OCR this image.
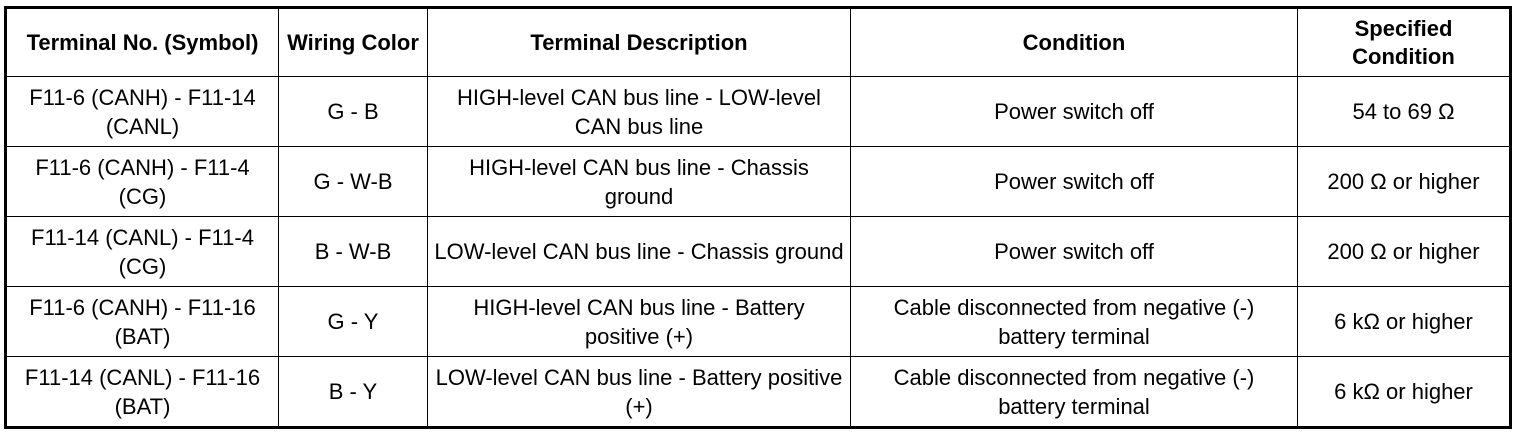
Terminal No. (Symbol)	Wiring Color	Terminal Description	Condition	Specified Condition
F11-6 (CANH) - F11-14 (CANL)	G - B	HIGH-level CAN bus line - LOW-level CAN bus line	Power switch off	54 to 69 Ω
F11-6 (CANH) - F11-4 (CG)	G - W-B	HIGH-level CAN bus line - Chassis ground	Power switch off	200 Ω or higher
F11-14 (CANL) - F11-4 (CG)	B - W-B	LOW-level CAN bus line - Chassis ground	Power switch off	200 Ω or higher
F11-6 (CANH) - F11-16 (BAT)	G - Y	HIGH-level CAN bus line - Battery positive (+)	Cable disconnected from negative (-) battery terminal	6 kΩ or higher
F11-14 (CANL) - F11-16 (BAT)	B - Y	LOW-level CAN bus line - Battery positive (+)	Cable disconnected from negative (-) battery terminal	6 kΩ or higher
